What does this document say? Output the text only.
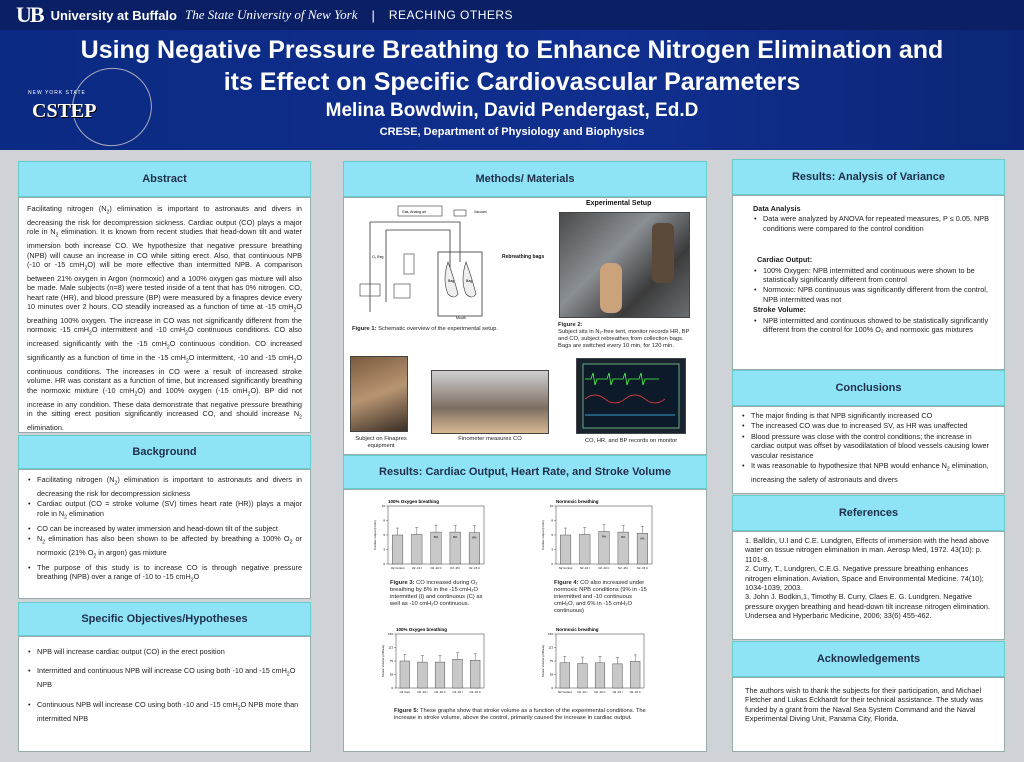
UB University at Buffalo The State University of New York | REACHING OTHERS
NEW YORK STATE
CSTEP
Using Negative Pressure Breathing to Enhance Nitrogen Elimination and
its Effect on Specific Cardiovascular Parameters
Melina Bowdwin, David Pendergast, Ed.D
CRESE, Department of Physiology and Biophysics
Abstract
Facilitating nitrogen $(N_2)$ elimination is important to astronauts and divers in decreasing the risk for decompression sickness. Cardiac output (CO) plays a major role in $N_2$ elimination. It is known from recent studies that head-down tilt and water immersion both increase CO. We hypothesize that negative pressure breathing (NPB) will cause an increase in CO while sitting erect. Also, that continuous NPB (-10 or -15 cmH$_2$O) will be more effective than intermitted NPB. A comparison between 21% oxygen in Argon (normoxic) and a 100% oxygen gas mixture will also be made. Male subjects (n=8) were tested inside of a tent that has 0% nitrogen. CO, heart rate (HR), and blood pressure (BP) were measured by a finapres device every 10 minutes over 2 hours. CO steadily increased as a function of time at -15 cmH$_2$O breathing 100% oxygen. The increase in CO was not significantly different from the normoxic -15 cmH$_2$O intermittent and -10 cmH$_2$O continuous conditions. CO also increased significantly with the -15 cmH$_2$O continuous condition. CO increased significantly as a function of time in the -15 cmH$_2$O intermittent, -10 and -15 cmH$_2$O continuous conditions. The increases in CO were a result of increased stroke volume. HR was constant as a function of time, but increased significantly breathing the normoxic mixture (-10 cmH$_2$O) and 100% oxygen (-15 cmH$_2$O). BP did not increase in any condition. These data demonstrate that negative pressure breathing in the sitting erect position significantly increased CO, and should increase $N_2$ elimination.
Background
• Facilitating nitrogen $(N_2)$ elimination is important to astronauts and divers in decreasing the risk for decompression sickness
• Cardiac output (CO = stroke volume (SV) times heart rate (HR)) plays a major role in $N_2$ elimination
• CO can be increased by water immersion and head-down tilt of the subject
• $N_2$ elimination has also been shown to be affected by breathing a 100% $O_2$ or normoxic (21% $O_2$ in argon) gas mixture
• The purpose of this study is to increase CO is through negative pressure breathing (NPB) over a range of -10 to -15 cmH$_2$O
Specific Objectives/Hypotheses
• NPB will increase cardiac output (CO) in the erect position
• Intermitted and continuous NPB will increase CO using both -10 and -15 cmH$_2$O NPB
• Continuous NPB will increase CO using both -10 and -15 cmH$_2$O NPB more than intermitted NPB
Methods/ Materials
Gas, Analog air	Vacuum
O₂ Reg
Bag	Bag
Mouth
Figure 1: Schematic overview of the experimental setup.
Experimental Setup
Rebreathing bags
Figure 2:
Subject sits in N₂-free tent, monitor records HR, BP and CO, subject rebreathes from collection bags. Bags are switched every 10 min, for 120 min.
Subject on Finapres equipment
Finometer measures CO	CO, HR, and BP records on monitor
Results: Cardiac Output, Heart Rate, and Stroke Volume
100% Oxygen breathing
0
3
5
8
10
Cardiac output (L/min)
O2 Control	O2 -10 I	O2 -10 C
8%
O2 -15 I
8%
O2 -15 C
8%
Normoxic breathing
0
3
5
8
10
Cardiac output (L/min)
N2 Control	N2 -10 I	N2 -10 C
9%
N2 -15 I
9%
N2 -15 C
6%
Figure 3: CO increased during O₂ breathing by 8% in the -15 cmH₂O intermitted (I) and continuous (C) as well as -10 cmH₂O continuous.
Figure 4: CO also increased under normoxic NPB conditions (9% in -15 intermitted and -10 continuous cmH₂O, and 6% in -15 cmH₂O continuous)
100% Oxygen breathing
0
38
75
113
150
Stroke Volume (ml/beat)
O2 Cont	O2 -10 I O2 -10 C O2 -15 I O2 -15 C
Normoxic breathing
0
38
75
113
150
Stroke Volume (ml/beat)
N2 Control N2 -10 I	N2 -10 C	N2 -15 I	N2 -15 C
Figure 5: These graphs show that stroke volume as a function of the experimental conditions. The increase in stroke volume, above the control, primarily caused the increase in cardiac output.
Results: Analysis of Variance
Data Analysis
• Data were analyzed by ANOVA for repeated measures, P ≤ 0.05. NPB conditions were compared to the control condition
Cardiac Output:
• 100% Oxygen: NPB intermitted and continuous were shown to be statistically significantly different from control
• Normoxic: NPB continuous was significantly different from the control, NPB intermitted was not
Stroke Volume:
• NPB intermitted and continuous showed to be statistically significantly different from the control for 100% O₂ and normoxic gas mixtures
Conclusions
• The major finding is that NPB significantly increased CO
• The increased CO was due to increased SV, as HR was unaffected
• Blood pressure was close with the control conditions; the increase in cardiac output was offset by vasodilatation of blood vessels causing lower vascular resistance
• It was reasonable to hypothesize that NPB would enhance $N_2$ elimination, increasing the safety of astronauts and divers
References
1. Balldin, U.I and C.E. Lundgren, Effects of immersion with the head above water on tissue nitrogen elimination in man. Aerosp Med, 1972. 43(10): p. 1101-8.
2. Curry, T., Lundgren, C.E.G. Negative pressure breathing enhances nitrogen elimination. Aviation, Space and Environmental Medicine. 74(10); 1034-1039, 2003.
3. John J. Bodkin,1, Timothy B. Curry, Claes E. G. Lundgren. Negative pressure oxygen breathing and head-down tilt increase nitrogen elimination. Undersea and Hyperbaric Medicine, 2006; 33(6) 455-462.
Acknowledgements
The authors wish to thank the subjects for their participation, and Michael Fletcher and Lukas Eckhardt for their technical assistance. The study was funded by a grant from the Naval Sea System Command and the Naval Experimental Diving Unit, Panama City, Florida.
